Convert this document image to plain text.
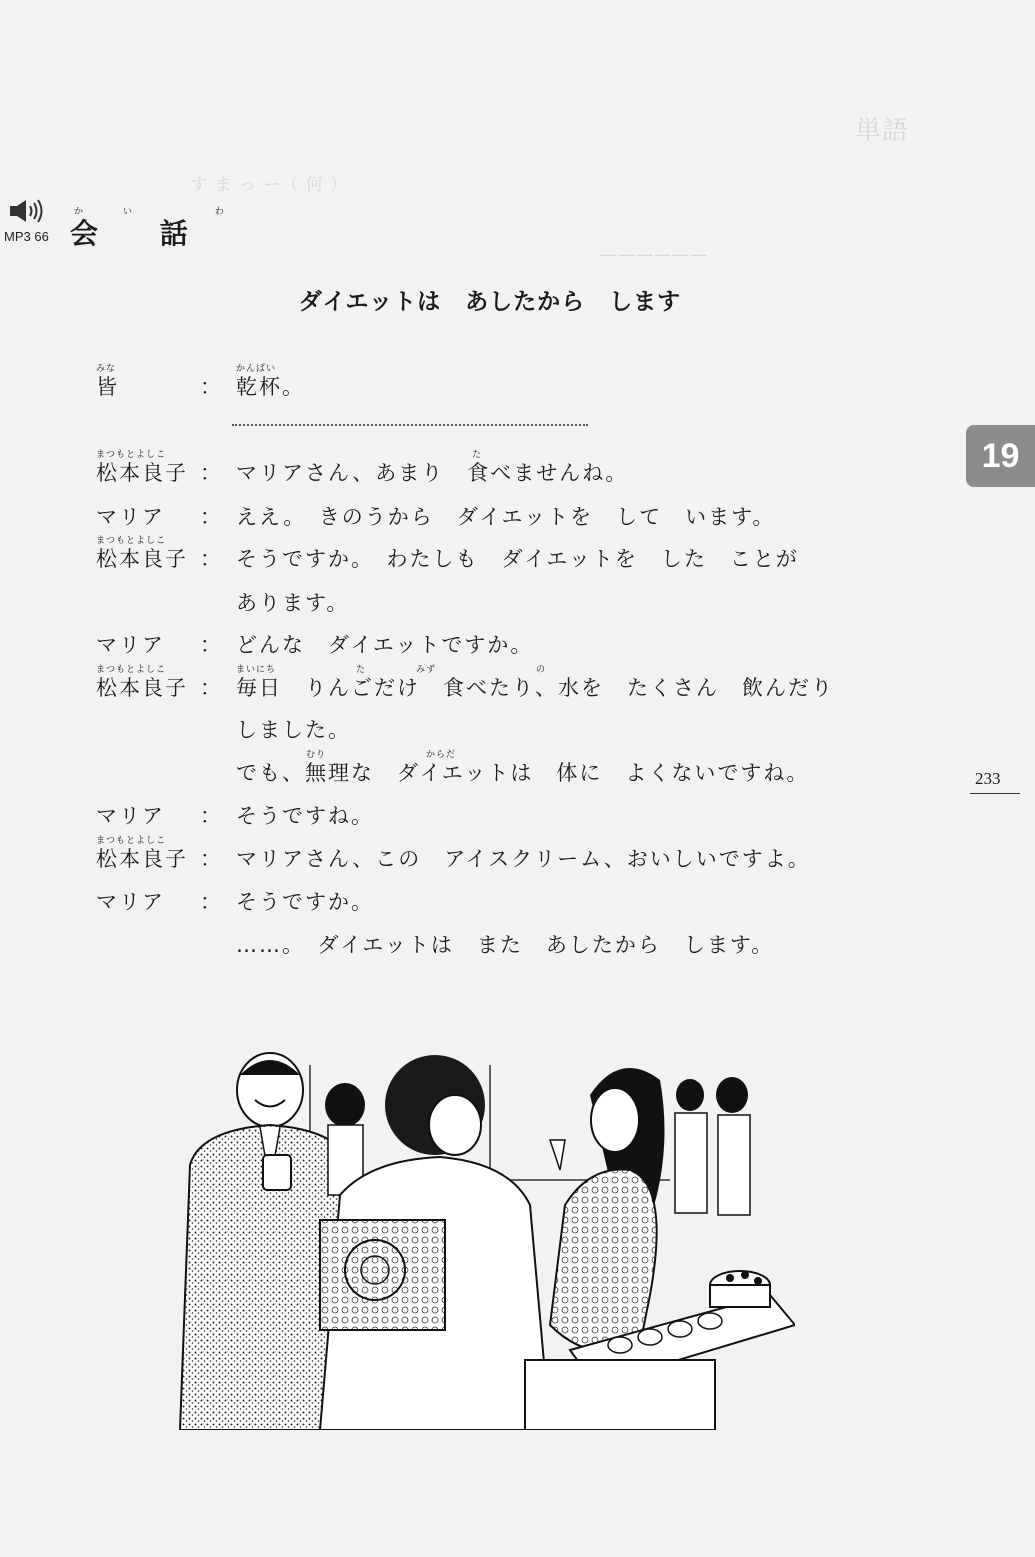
単語
す ま っ ー（ 何 ）
——————
MP3 66
かい わ
会 話
ダイエットは　あしたから　します
みな
皆	：
かんぱい
乾杯。
まつもとよしこ
松本良子 ：
た
マリアさん、あまり　食べませんね。
マリア ： ええ。　きのうから　ダイエットを　して　います。
まつもとよしこ
松本良子 ： そうですか。　わたしも　ダイエットを　した　ことが
あります。
マリア ： どんな　ダイエットですか。
まつもとよしこ
松本良子 ：
まいにち　　　　　　　　た　　　　　みず　　　　　　　　　　の
毎日　りんごだけ　食べたり、水を　たくさん　飲んだり
しました。
むり　　　　　　　　　　からだ
でも、無理な　ダイエットは　体に　よくないですね。
マリア ： そうですね。
まつもとよしこ
松本良子 ： マリアさん、この　アイスクリーム、おいしいですよ。
マリア ： そうですか。
……。　ダイエットは　また　あしたから　します。
19
233
